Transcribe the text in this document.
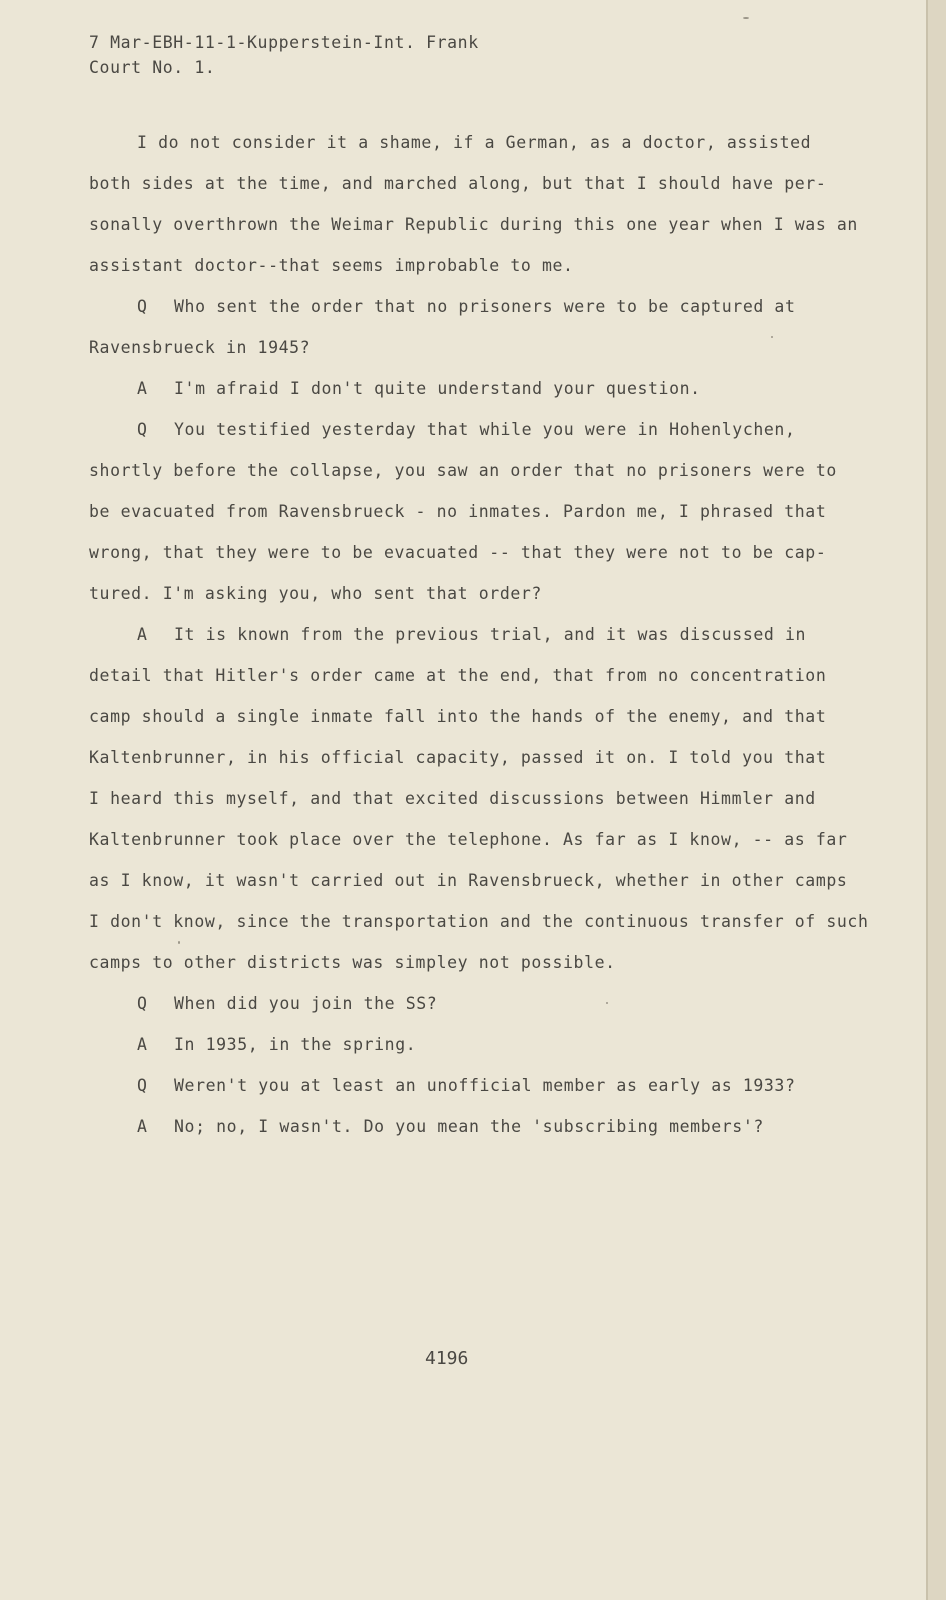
7 Mar-EBH-11-1-Kupperstein-Int. Frank
Court No. 1.
I do not consider it a shame, if a German, as a doctor, assisted
both sides at the time, and marched along, but that I should have per-
sonally overthrown the Weimar Republic during this one year when I was an
assistant doctor--that seems improbable to me.
Q Who sent the order that no prisoners were to be captured at
Ravensbrueck in 1945?
A I'm afraid I don't quite understand your question.
Q You testified yesterday that while you were in Hohenlychen,
shortly before the collapse, you saw an order that no prisoners were to
be evacuated from Ravensbrueck - no inmates. Pardon me, I phrased that
wrong, that they were to be evacuated -- that they were not to be cap-
tured. I'm asking you, who sent that order?
A It is known from the previous trial, and it was discussed in
detail that Hitler's order came at the end, that from no concentration
camp should a single inmate fall into the hands of the enemy, and that
Kaltenbrunner, in his official capacity, passed it on. I told you that
I heard this myself, and that excited discussions between Himmler and
Kaltenbrunner took place over the telephone. As far as I know, -- as far
as I know, it wasn't carried out in Ravensbrueck, whether in other camps
I don't know, since the transportation and the continuous transfer of such
camps to other districts was simpley not possible.
Q When did you join the SS?
A In 1935, in the spring.
Q Weren't you at least an unofficial member as early as 1933?
A No; no, I wasn't. Do you mean the 'subscribing members'?
4196
